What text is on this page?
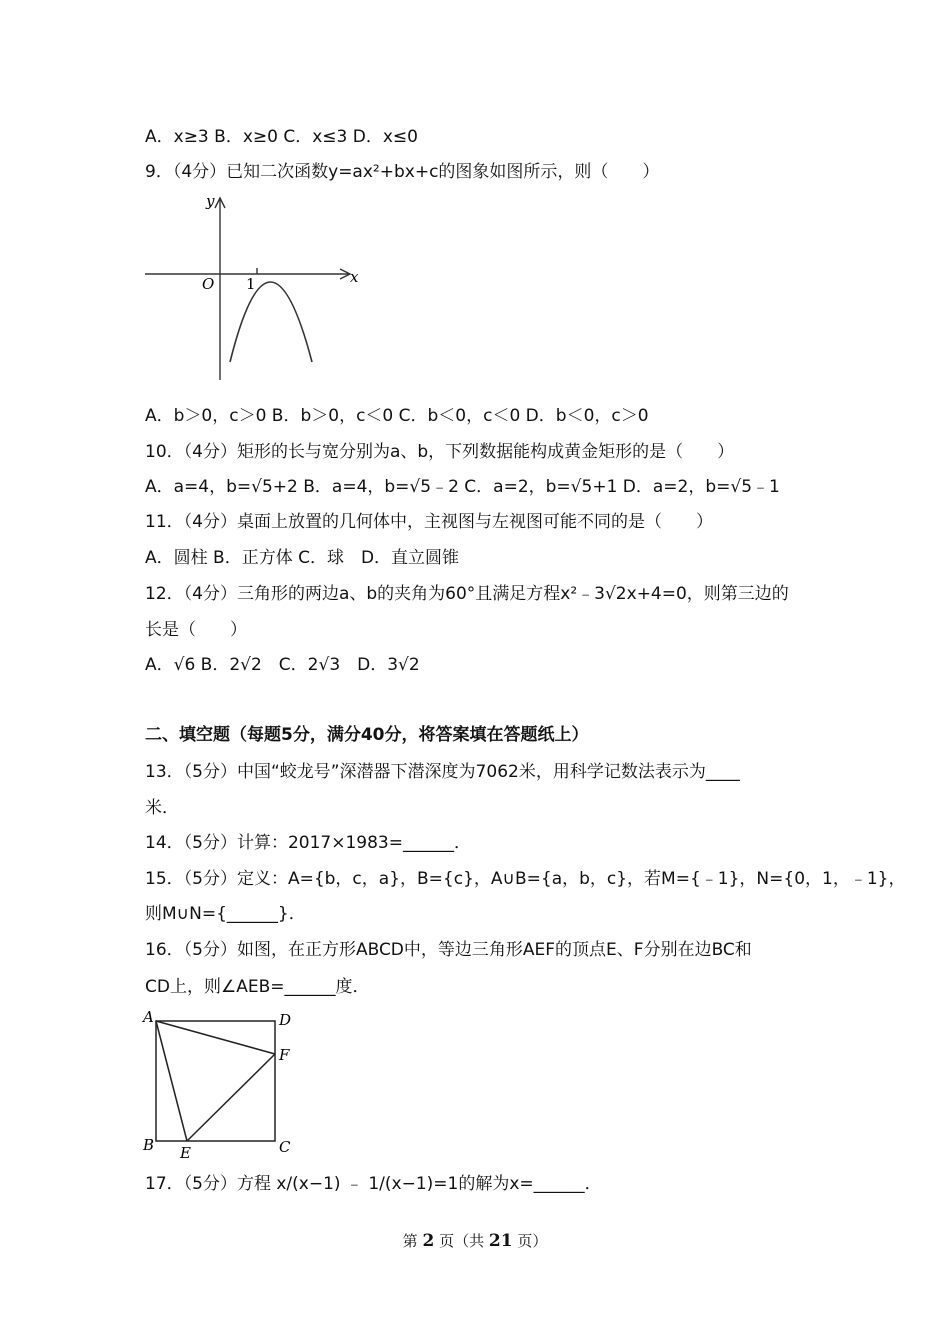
A．x≥3 B．x≥0 C．x≤3 D．x≤0
9．（4分）已知二次函数y=ax²+bx+c的图象如图所示，则（　　）
x
y
O 1
A．b＞0，c＞0 B．b＞0，c＜0 C．b＜0，c＜0 D．b＜0，c＞0
10．（4分）矩形的长与宽分别为a、b，下列数据能构成黄金矩形的是（　　）
A．a=4，b=√5+2 B．a=4，b=√5﹣2 C．a=2，b=√5+1 D．a=2，b=√5﹣1
11．（4分）桌面上放置的几何体中，主视图与左视图可能不同的是（　　）
A．圆柱 B．正方体 C．球　D．直立圆锥
12．（4分）三角形的两边a、b的夹角为60°且满足方程x²﹣3√2x+4=0，则第三边的
长是（　　）
A．√6 B．2√2　C．2√3　D．3√2
二、填空题（每题5分，满分40分，将答案填在答题纸上）
13．（5分）中国“蛟龙号”深潜器下潜深度为7062米，用科学记数法表示为____
米．
14．（5分）计算：2017×1983=______．
15．（5分）定义：A={b，c，a}，B={c}，A∪B={a，b，c}，若M={﹣1}，N={0，1，﹣1}，
则M∪N={______}．
16．（5分）如图，在正方形ABCD中，等边三角形AEF的顶点E、F分别在边BC和
CD上，则∠AEB=______度．
A	D
F
B	C
E
17．（5分）方程 x/(x−1) ﹣ 1/(x−1)=1的解为x=______．
第 2 页（共 21 页）
